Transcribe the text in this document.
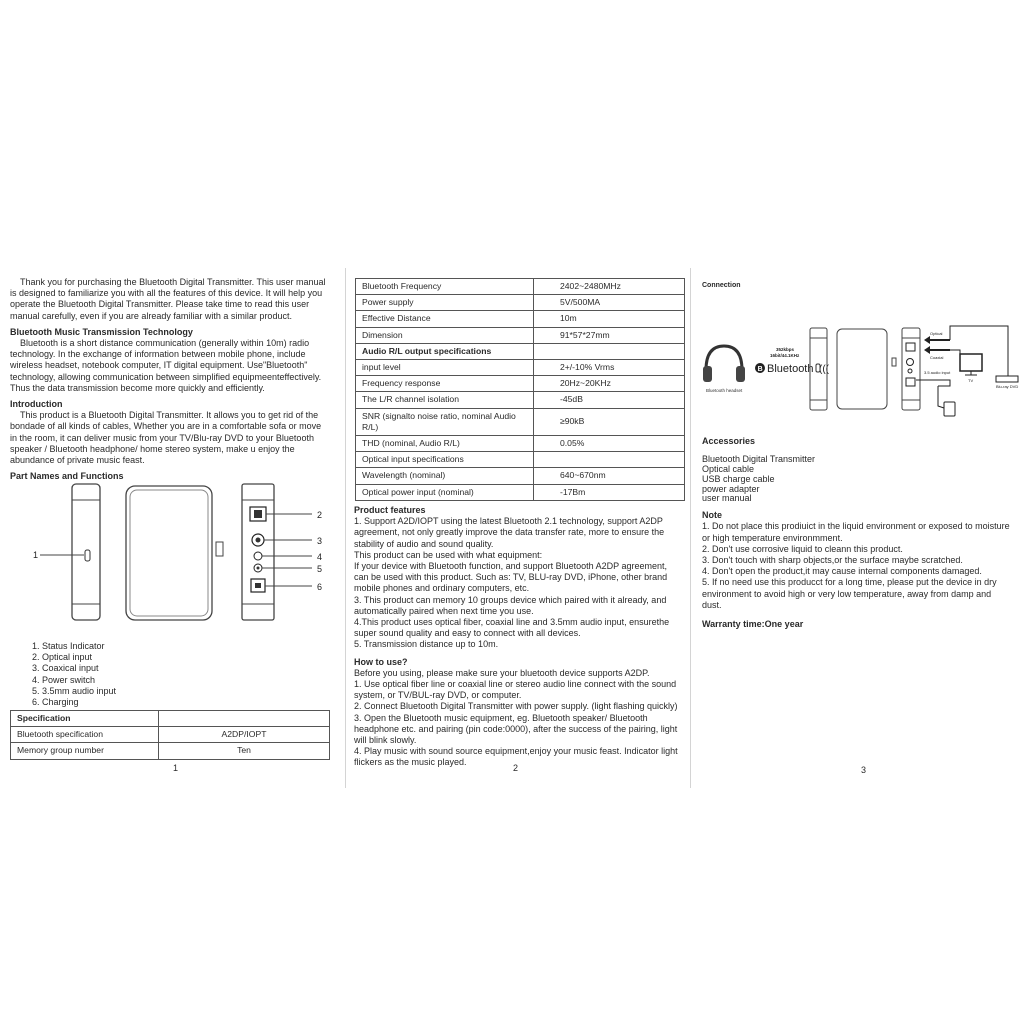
Thank you for purchasing the Bluetooth Digital Transmitter. This user manual is designed to familiarize you with all the features of this device. It will help you operate the Bluetooth Digital Transmitter. Please take time to read this user manual carefully, even if you are already familiar with a similar product.

Bluetooth Music Transmission Technology

Bluetooth is a short distance communication (generally within 10m) radio technology. In the exchange of information between mobile phone, include wireless headset, notebook computer, IT digital equipment. Use"Bluetooth" technology, allowing communication between simplified equipmeenteffectively. Thus the data transmission become more quickly and efficiently.

Introduction

This product is a Bluetooth Digital Transmitter. It allows you to get rid of the bondade of all kinds of cables, Whether you are in a comfortable sofa or move in the room, it can deliver music from your TV/Blu-ray DVD to your Bluetooth speaker / Bluetooth headphone/ home stereo system, make u enjoy the abundance of private music feast.

Part Names and Functions

1
2
3
4
5
6
1. Status Indicator
2. Optical input
3. Coaxical input
4. Power switch
5. 3.5mm audio input
6. Charging
Specification	
Bluetooth specification	A2DP/IOPT
Memory group number	Ten
1
Bluetooth Frequency	2402~2480MHz
Power supply	5V/500MA
Effective Distance	10m
Dimension	91*57*27mm
Audio R/L output specifications	
input level	2+/-10% Vrms
Frequency response	20Hz~20KHz
The L/R channel isolation	-45dB
SNR (signalto noise ratio, nominal Audio R/L)	≥90kB
THD (nominal, Audio R/L)	0.05%
Optical input specifications	
Wavelength (nominal)	640~670nm
Optical power input (nominal)	-17Bm

Product features

1. Support A2D/IOPT using the latest Bluetooth 2.1 technology, support A2DP agreement, not only greatly improve the data transfer rate, more to ensure the stability of audio and sound quality.

This product can be used with what equipment:

If your device with Bluetooth function, and support Bluetooth A2DP agreement, can be used with this product. Such as: TV, BLU-ray DVD, iPhone, other brand mobile phones and ordinary computers, etc.

3. This product can memory 10 groups device which paired with it already, and automatically paired when next time you use.

4.This product uses optical fiber, coaxial line and 3.5mm audio input, ensurethe super sound quality and easy to connect with all devices.

5. Transmission distance up to 10m.

How to use?

Before you using, please make sure your bluetooth device supports A2DP.

1. Use optical fiber line or coaxial line or stereo audio line connect with the sound system, or TV/BUL-ray DVD, or computer.

2. Connect Bluetooth Digital Transmitter with power supply. (light flashing quickly)

3. Open the Bluetooth music equipment, eg. Bluetooth speaker/ Bluetooth headphone etc. and pairing (pin code:0000), after the success of the pairing, light will blink slowly.

4. Play music with sound source equipment,enjoy your music feast. Indicator light flickers as the music played.

2
Connection
Bluetooth headset
B Bluetooth (((
352kbps
16bit/44.1KHz
Optical
Coaxial
3.5 audio input
TV
Blu-ray DVD

Accessories

Bluetooth Digital Transmitter
Optical cable
USB charge cable
power adapter
user manual

Note

1. Do not place this prodiuict in the liquid environment or exposed to moisture or high temperature environmment.

2. Don't use corrosive liquid to cleann this product.

3. Don't touch with sharp objects,or the surface maybe scratched.

4. Don't open the product,it may cause internal components damaged.

5. If no need use this producct for a long time, please put the device in dry environment to avoid high or very low temperature, away from damp and dust.

Warranty time:One year

3
